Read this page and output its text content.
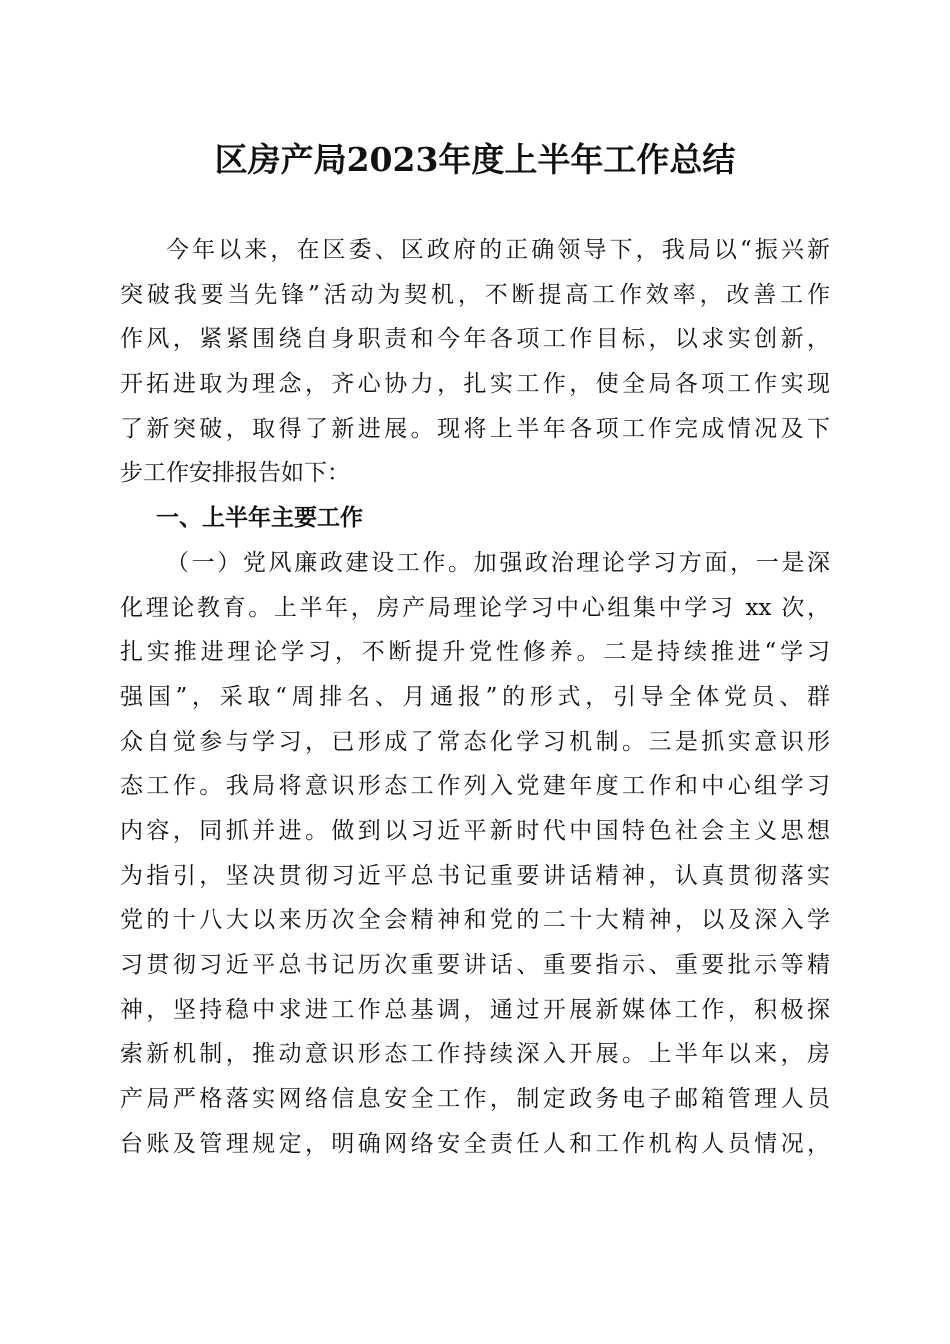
区房产局2023年度上半年工作总结
今年以来，在区委、区政府的正确领导下，我局以“振兴新
突破我要当先锋”活动为契机，不断提高工作效率，改善工作
作风，紧紧围绕自身职责和今年各项工作目标，以求实创新，
开拓进取为理念，齐心协力，扎实工作，使全局各项工作实现
了新突破，取得了新进展。现将上半年各项工作完成情况及下
步工作安排报告如下：
一、上半年主要工作
（一）党风廉政建设工作。加强政治理论学习方面，一是深
化理论教育。上半年，房产局理论学习中心组集中学习 xx 次，
扎实推进理论学习，不断提升党性修养。二是持续推进“学习
强国”，采取“周排名、月通报”的形式，引导全体党员、群
众自觉参与学习，已形成了常态化学习机制。三是抓实意识形
态工作。我局将意识形态工作列入党建年度工作和中心组学习
内容，同抓并进。做到以习近平新时代中国特色社会主义思想
为指引，坚决贯彻习近平总书记重要讲话精神，认真贯彻落实
党的十八大以来历次全会精神和党的二十大精神，以及深入学
习贯彻习近平总书记历次重要讲话、重要指示、重要批示等精
神，坚持稳中求进工作总基调，通过开展新媒体工作，积极探
索新机制，推动意识形态工作持续深入开展。上半年以来，房
产局严格落实网络信息安全工作，制定政务电子邮箱管理人员
台账及管理规定，明确网络安全责任人和工作机构人员情况，
